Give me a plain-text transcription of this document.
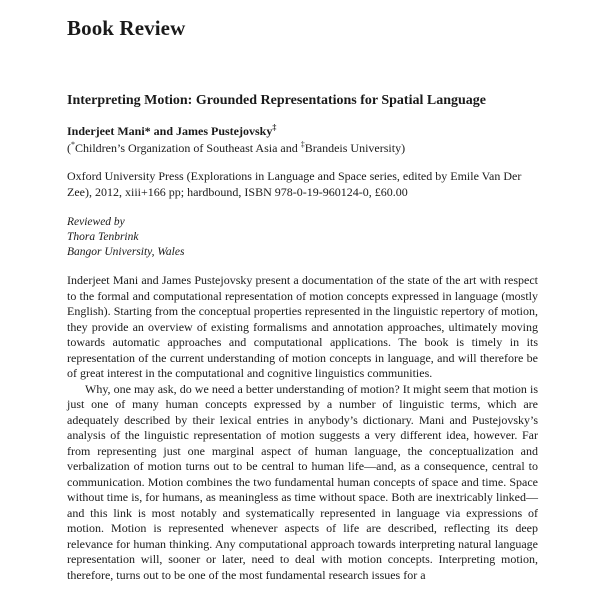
Book Review
Interpreting Motion: Grounded Representations for Spatial Language
Inderjeet Mani* and James Pustejovsky‡
(*Children’s Organization of Southeast Asia and ‡Brandeis University)
Oxford University Press (Explorations in Language and Space series, edited by Emile Van Der Zee), 2012, xiii+166 pp; hardbound, ISBN 978-0-19-960124-0, £60.00
Reviewed by
Thora Tenbrink
Bangor University, Wales

Inderjeet Mani and James Pustejovsky present a documentation of the state of the art with respect to the formal and computational representation of motion concepts expressed in language (mostly English). Starting from the conceptual properties represented in the linguistic repertory of motion, they provide an overview of existing formalisms and annotation approaches, ultimately moving towards automatic approaches and computational applications. The book is timely in its representation of the current understanding of motion concepts in language, and will therefore be of great interest in the computational and cognitive linguistics communities.

Why, one may ask, do we need a better understanding of motion? It might seem that motion is just one of many human concepts expressed by a number of linguistic terms, which are adequately described by their lexical entries in anybody’s dictionary. Mani and Pustejovsky’s analysis of the linguistic representation of motion suggests a very different idea, however. Far from representing just one marginal aspect of human language, the conceptualization and verbalization of motion turns out to be central to human life—and, as a consequence, central to communication. Motion combines the two fundamental human concepts of space and time. Space without time is, for humans, as meaningless as time without space. Both are inextricably linked—and this link is most notably and systematically represented in language via expressions of motion. Motion is represented whenever aspects of life are described, reflecting its deep relevance for human thinking. Any computational approach towards interpreting natural language representation will, sooner or later, need to deal with motion concepts. Interpreting motion, therefore, turns out to be one of the most fundamental research issues for a
